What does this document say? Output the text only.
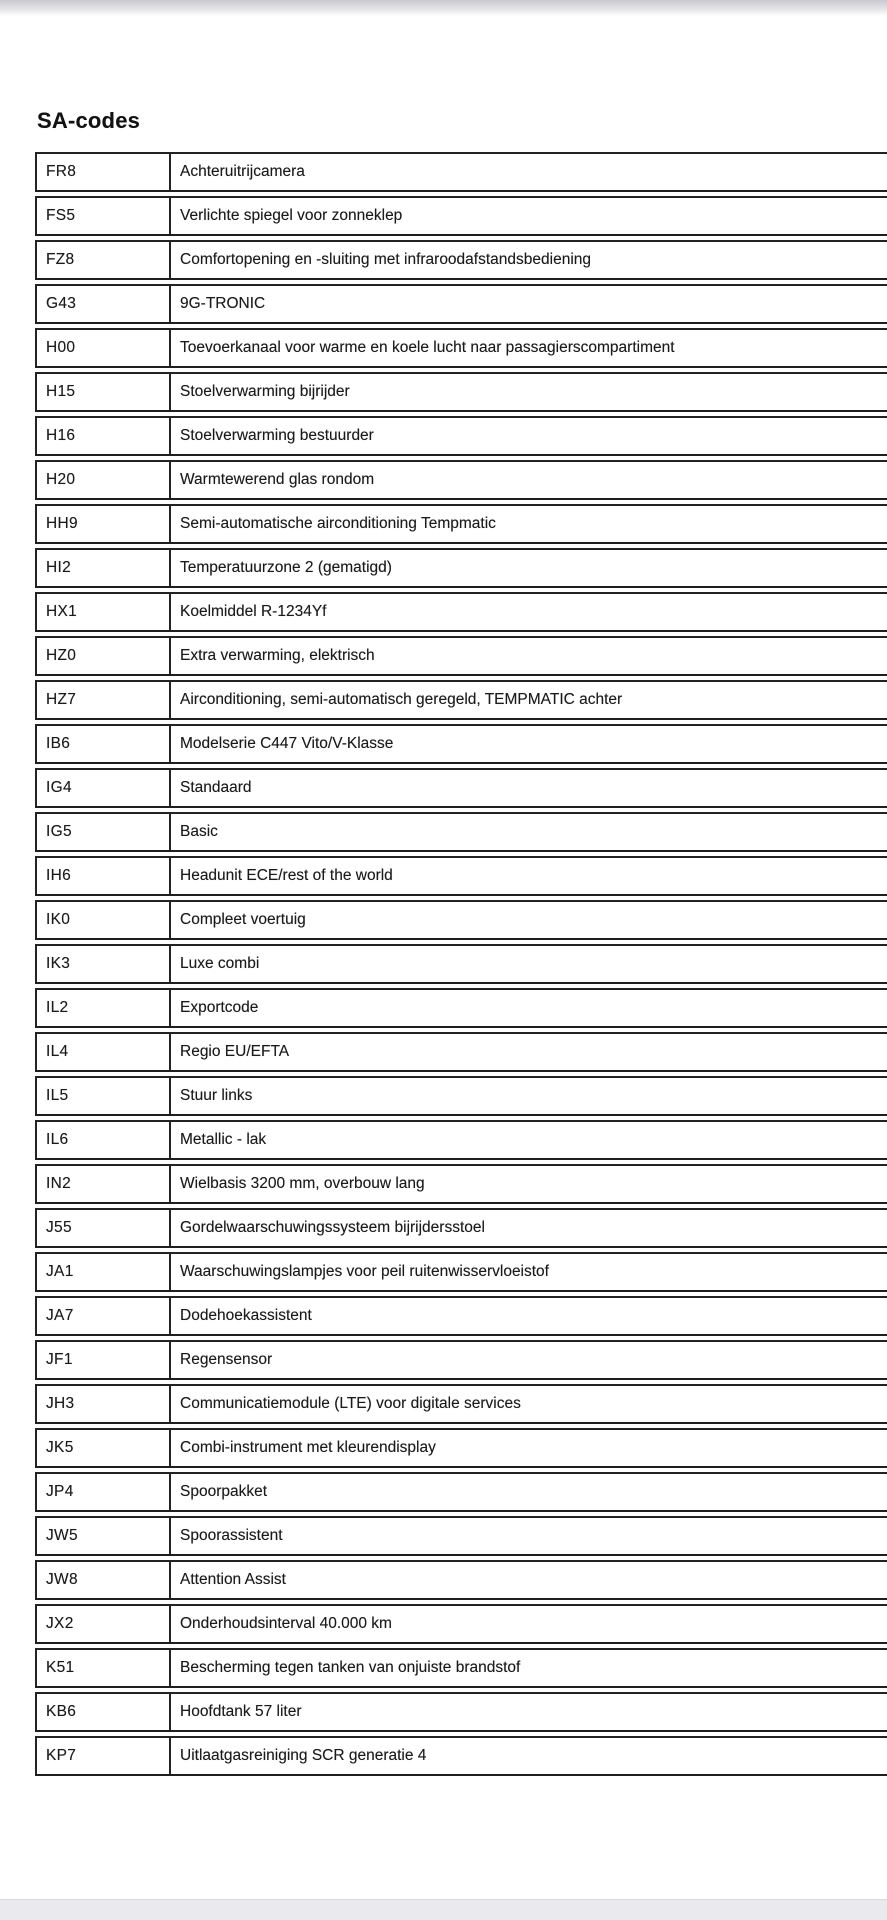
SA-codes
FR8	Achteruitrijcamera
FS5	Verlichte spiegel voor zonneklep
FZ8	Comfortopening en -sluiting met infraroodafstandsbediening
G43	9G-TRONIC
H00	Toevoerkanaal voor warme en koele lucht naar passagierscompartiment
H15	Stoelverwarming bijrijder
H16	Stoelverwarming bestuurder
H20	Warmtewerend glas rondom
HH9	Semi-automatische airconditioning Tempmatic
HI2	Temperatuurzone 2 (gematigd)
HX1	Koelmiddel R-1234Yf
HZ0	Extra verwarming, elektrisch
HZ7	Airconditioning, semi-automatisch geregeld, TEMPMATIC achter
IB6	Modelserie C447 Vito/V-Klasse
IG4	Standaard
IG5	Basic
IH6	Headunit ECE/rest of the world
IK0	Compleet voertuig
IK3	Luxe combi
IL2	Exportcode
IL4	Regio EU/EFTA
IL5	Stuur links
IL6	Metallic - lak
IN2	Wielbasis 3200 mm, overbouw lang
J55	Gordelwaarschuwingssysteem bijrijdersstoel
JA1	Waarschuwingslampjes voor peil ruitenwisservloeistof
JA7	Dodehoekassistent
JF1	Regensensor
JH3	Communicatiemodule (LTE) voor digitale services
JK5	Combi-instrument met kleurendisplay
JP4	Spoorpakket
JW5	Spoorassistent
JW8	Attention Assist
JX2	Onderhoudsinterval 40.000 km
K51	Bescherming tegen tanken van onjuiste brandstof
KB6	Hoofdtank 57 liter
KP7	Uitlaatgasreiniging SCR generatie 4
